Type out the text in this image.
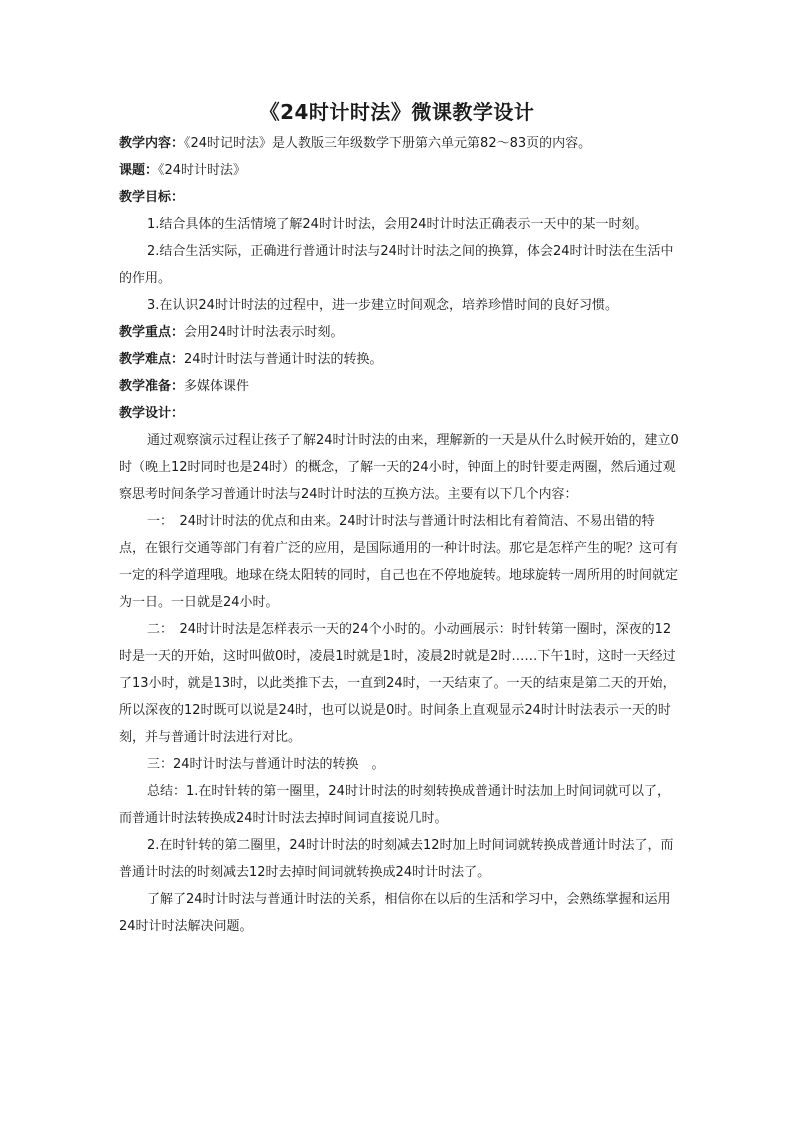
《24时计时法》微课教学设计

教学内容：《24时记时法》是人教版三年级数学下册第六单元第82～83页的内容。

课题：《24时计时法》

教学目标：

1.结合具体的生活情境了解24时计时法，会用24时计时法正确表示一天中的某一时刻。

2.结合生活实际，正确进行普通计时法与24时计时法之间的换算，体会24时计时法在生活中的作用。

3.在认识24时计时法的过程中，进一步建立时间观念，培养珍惜时间的良好习惯。

教学重点：会用24时计时法表示时刻。

教学难点：24时计时法与普通计时法的转换。

教学准备：多媒体课件

教学设计：

通过观察演示过程让孩子了解24时计时法的由来，理解新的一天是从什么时候开始的，建立0时（晚上12时同时也是24时）的概念，了解一天的24小时，钟面上的时针要走两圈，然后通过观察思考时间条学习普通计时法与24时计时法的互换方法。主要有以下几个内容：

一：　24时计时法的优点和由来。24时计时法与普通计时法相比有着简洁、不易出错的特点，在银行交通等部门有着广泛的应用，是国际通用的一种计时法。那它是怎样产生的呢？这可有一定的科学道理哦。地球在绕太阳转的同时，自己也在不停地旋转。地球旋转一周所用的时间就定为一日。一日就是24小时。

二：　24时计时法是怎样表示一天的24个小时的。小动画展示：时针转第一圈时，深夜的12时是一天的开始，这时叫做0时，凌晨1时就是1时，凌晨2时就是2时……下午1时，这时一天经过了13小时，就是13时，以此类推下去，一直到24时，一天结束了。一天的结束是第二天的开始，所以深夜的12时既可以说是24时，也可以说是0时。时间条上直观显示24时计时法表示一天的时刻，并与普通计时法进行对比。

三：24时计时法与普通计时法的转换　。

总结：1.在时针转的第一圈里，24时计时法的时刻转换成普通计时法加上时间词就可以了，而普通计时法转换成24时计时法去掉时间词直接说几时。

2.在时针转的第二圈里，24时计时法的时刻减去12时加上时间词就转换成普通计时法了，而普通计时法的时刻减去12时去掉时间词就转换成24时计时法了。

了解了24时计时法与普通计时法的关系，相信你在以后的生活和学习中，会熟练掌握和运用24时计时法解决问题。
